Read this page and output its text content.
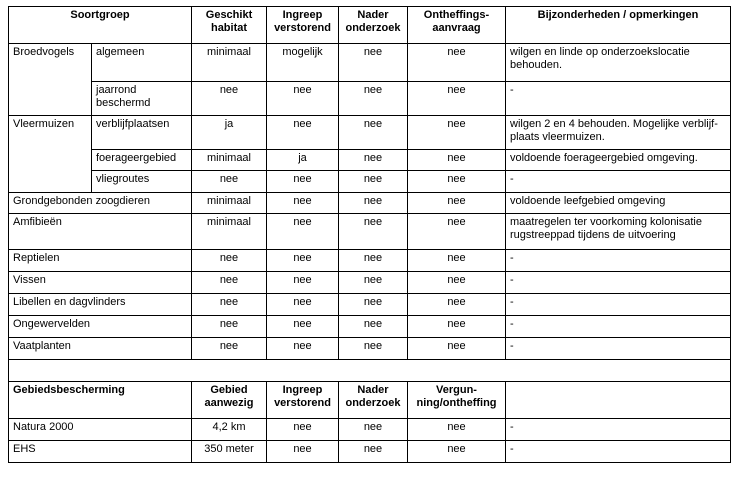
Soortgroep		Geschikt habitat	Ingreep verstorend	Nader onderzoek	Ontheffings-aanvraag	Bijzonderheden / opmerkingen
Broedvogels	algemeen	minimaal	mogelijk	nee	nee	wilgen en linde op onderzoekslocatie behouden.
	jaarrond beschermd	nee	nee	nee	nee	-
Vleermuizen	verblijfplaatsen	ja	nee	nee	nee	wilgen 2 en 4 behouden. Mogelijke verblijf-plaats vleermuizen.
	foerageergebied	minimaal	ja	nee	nee	voldoende foerageergebied omgeving.
	vliegroutes	nee	nee	nee	nee	-
Grondgebonden zoogdieren		minimaal	nee	nee	nee	voldoende leefgebied omgeving
Amfibieën		minimaal	nee	nee	nee	maatregelen ter voorkoming kolonisatie rugstreeppad tijdens de uitvoering
Reptielen		nee	nee	nee	nee	-
Vissen		nee	nee	nee	nee	-
Libellen en dagvlinders		nee	nee	nee	nee	-
Ongewervelden		nee	nee	nee	nee	-
Vaatplanten		nee	nee	nee	nee	-

Gebiedsbescherming		Gebied aanwezig	Ingreep verstorend	Nader onderzoek	Vergun-ning/ontheffing	
Natura 2000		4,2 km	nee	nee	nee	-
EHS		350 meter	nee	nee	nee	-
